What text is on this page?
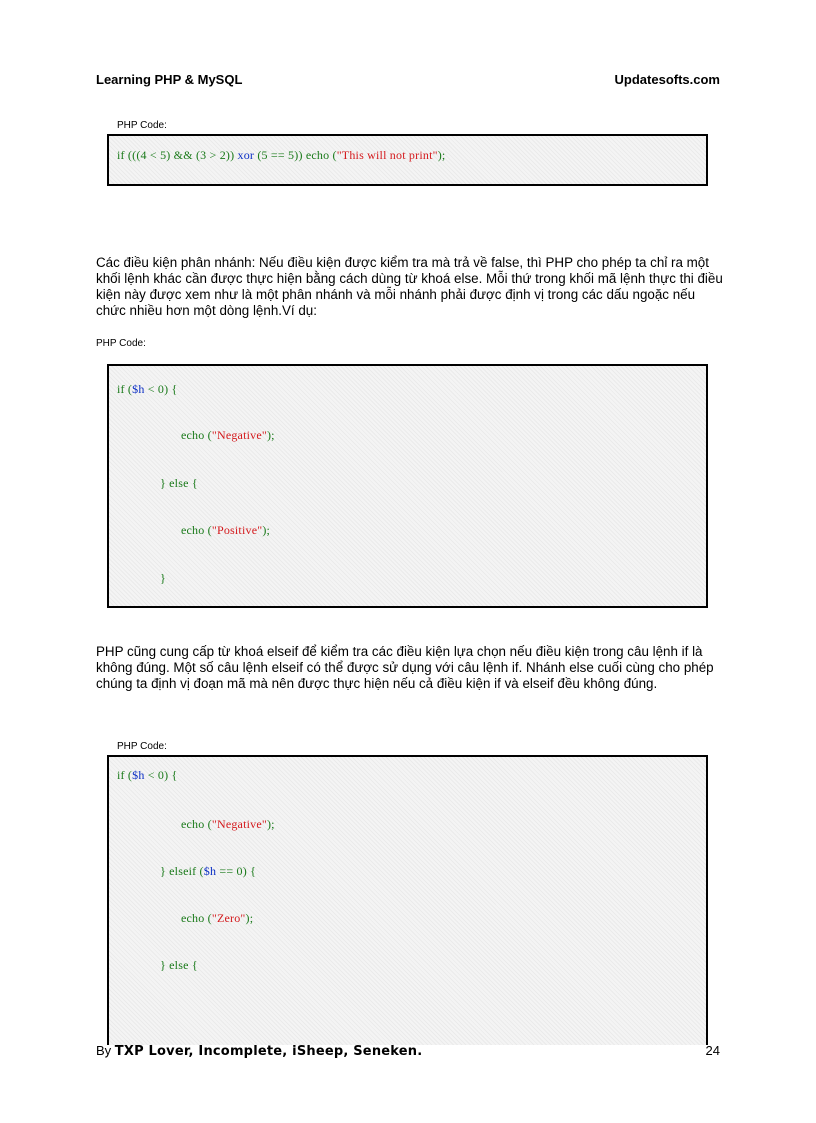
Learning PHP & MySQL	Updatesofts.com
PHP Code:
if (((4 < 5) && (3 > 2)) xor (5 == 5)) echo ("This will not print");
Các điều kiện phân nhánh: Nếu điều kiện được kiểm tra mà trả về false, thì PHP cho phép ta chỉ ra một khối lệnh khác cần được thực hiện bằng cách dùng từ khoá else. Mỗi thứ trong khối mã lệnh thực thi điều kiện này được xem như là một phân nhánh và mỗi nhánh phải được định vị trong các dấu ngoặc nếu chức nhiều hơn một dòng lệnh.Ví dụ:
PHP Code:
if ($h < 0) {
echo ("Negative");
} else {
echo ("Positive");
}
PHP cũng cung cấp từ khoá elseif để kiểm tra các điều kiện lựa chọn nếu điều kiện trong câu lệnh if là không đúng. Một số câu lệnh elseif có thể được sử dụng với câu lệnh if. Nhánh else cuối cùng cho phép chúng ta định vị đoạn mã mà nên được thực hiện nếu cả điều kiện if và elseif đều không đúng.
PHP Code:
if ($h < 0) {
echo ("Negative");
} elseif ($h == 0) {
echo ("Zero");
} else {
By TXP Lover, Incomplete, iSheep, Seneken.	24
